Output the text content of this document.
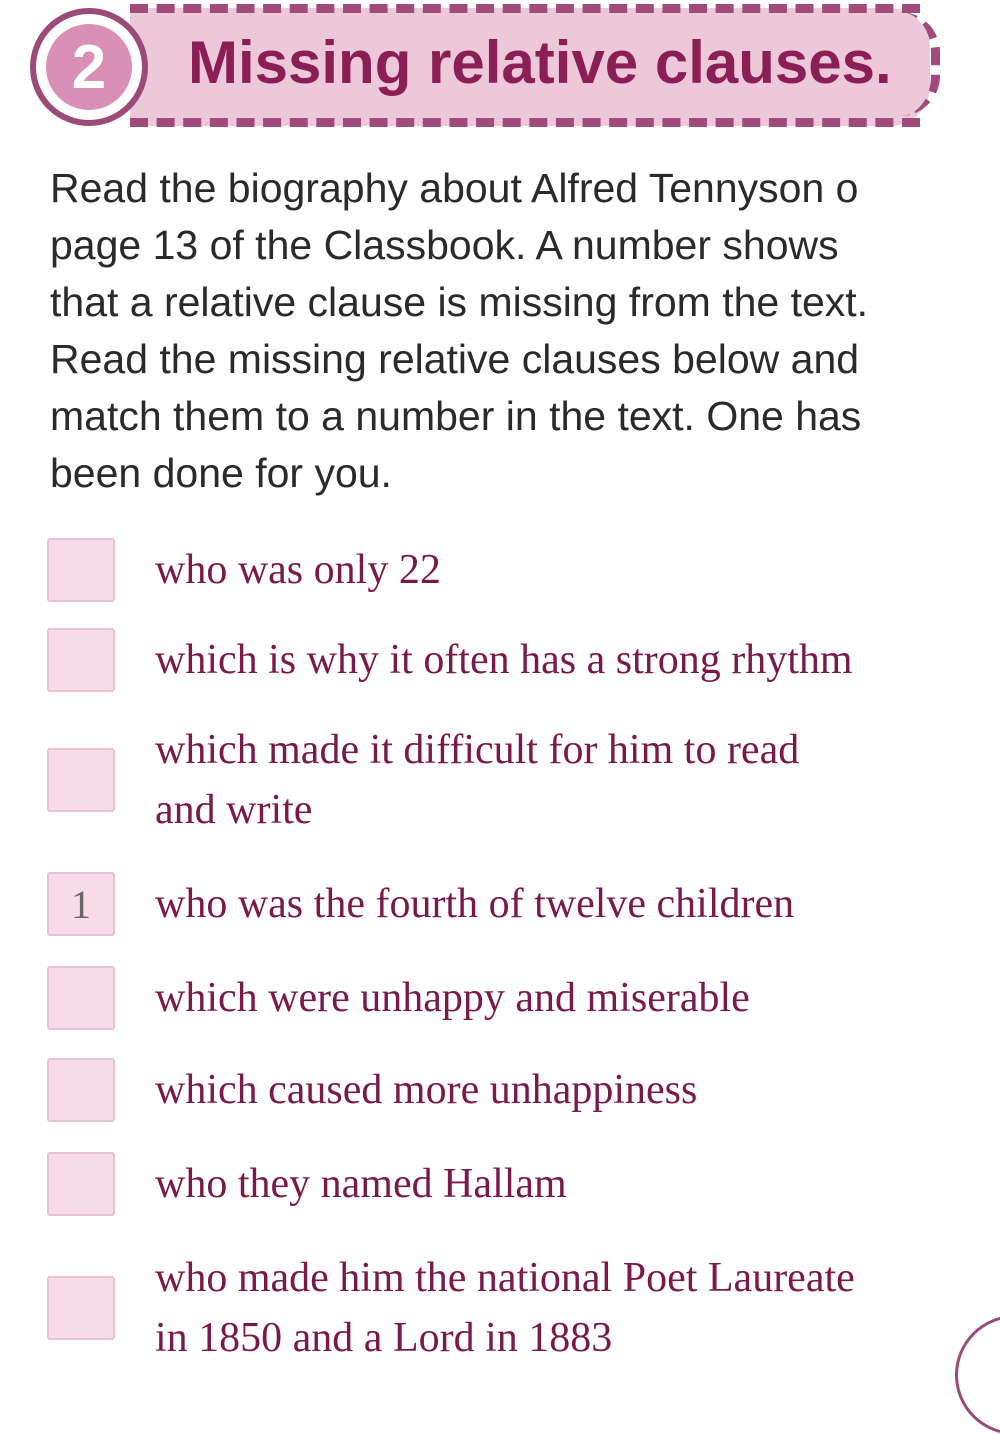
2	Missing relative clauses.
Read the biography about Alfred Tennyson o
page 13 of the Classbook. A number shows
that a relative clause is missing from the text.
Read the missing relative clauses below and
match them to a number in the text. One has
been done for you.

who was only 22

which is why it often has a strong rhythm

which made it difficult for him to read
and write

1	who was the fourth of twelve children

which were unhappy and miserable

which caused more unhappiness

who they named Hallam

who made him the national Poet Laureate
in 1850 and a Lord in 1883
